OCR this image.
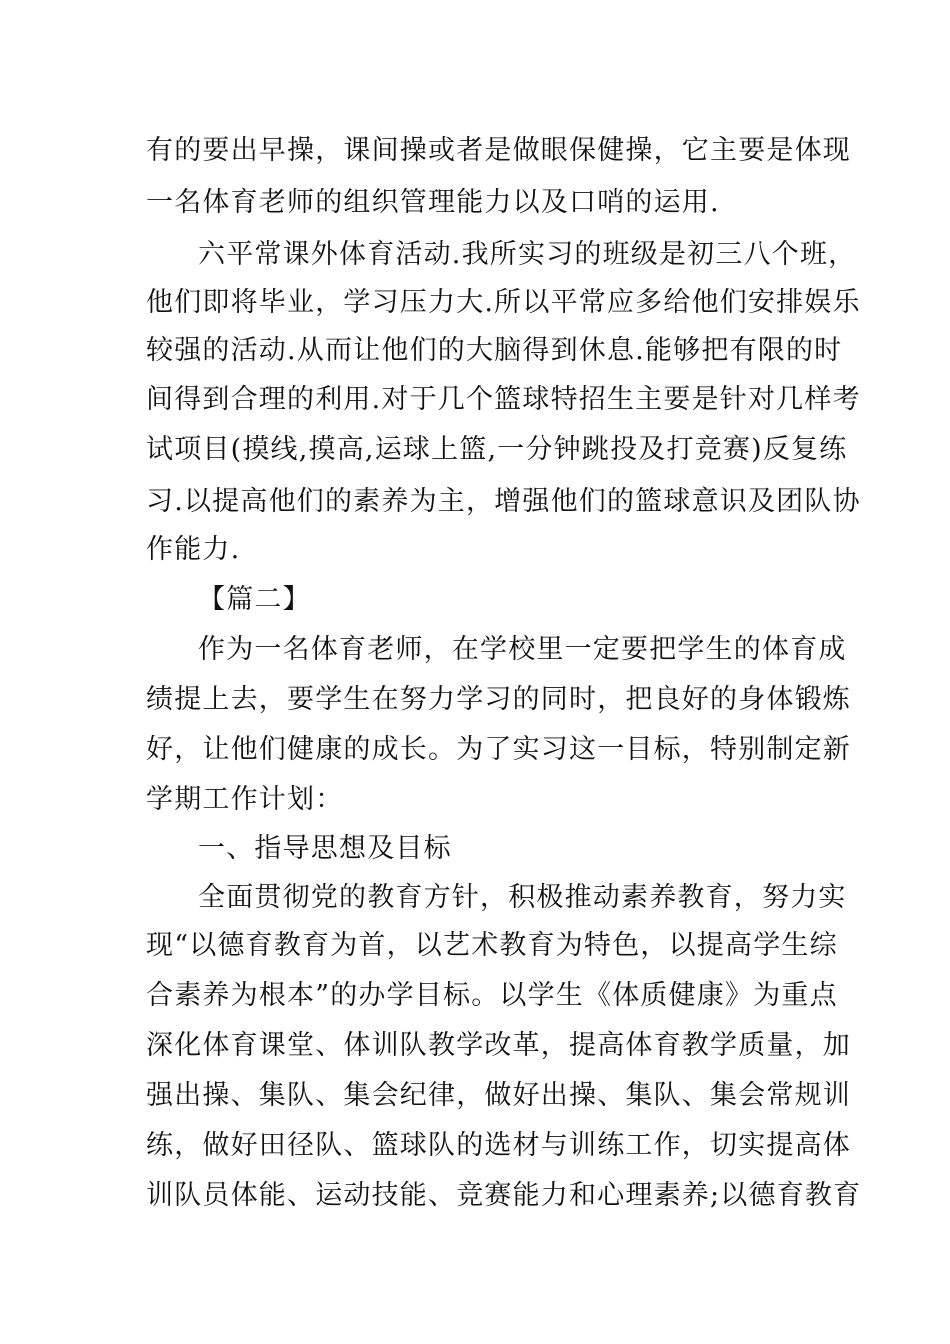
有的要出早操，课间操或者是做眼保健操，它主要是体现
一名体育老师的组织管理能力以及口哨的运用.
六平常课外体育活动.我所实习的班级是初三八个班，
他们即将毕业，学习压力大.所以平常应多给他们安排娱乐
较强的活动.从而让他们的大脑得到休息.能够把有限的时
间得到合理的利用.对于几个篮球特招生主要是针对几样考
试项目(摸线,摸高,运球上篮,一分钟跳投及打竞赛)反复练
习.以提高他们的素养为主，增强他们的篮球意识及团队协
作能力.
【篇二】
作为一名体育老师，在学校里一定要把学生的体育成
绩提上去，要学生在努力学习的同时，把良好的身体锻炼
好，让他们健康的成长。为了实习这一目标，特别制定新
学期工作计划：
一、指导思想及目标
全面贯彻党的教育方针，积极推动素养教育，努力实
现“以德育教育为首，以艺术教育为特色，以提高学生综
合素养为根本”的办学目标。以学生《体质健康》为重点
深化体育课堂、体训队教学改革，提高体育教学质量，加
强出操、集队、集会纪律，做好出操、集队、集会常规训
练，做好田径队、篮球队的选材与训练工作，切实提高体
训队员体能、运动技能、竞赛能力和心理素养;以德育教育
